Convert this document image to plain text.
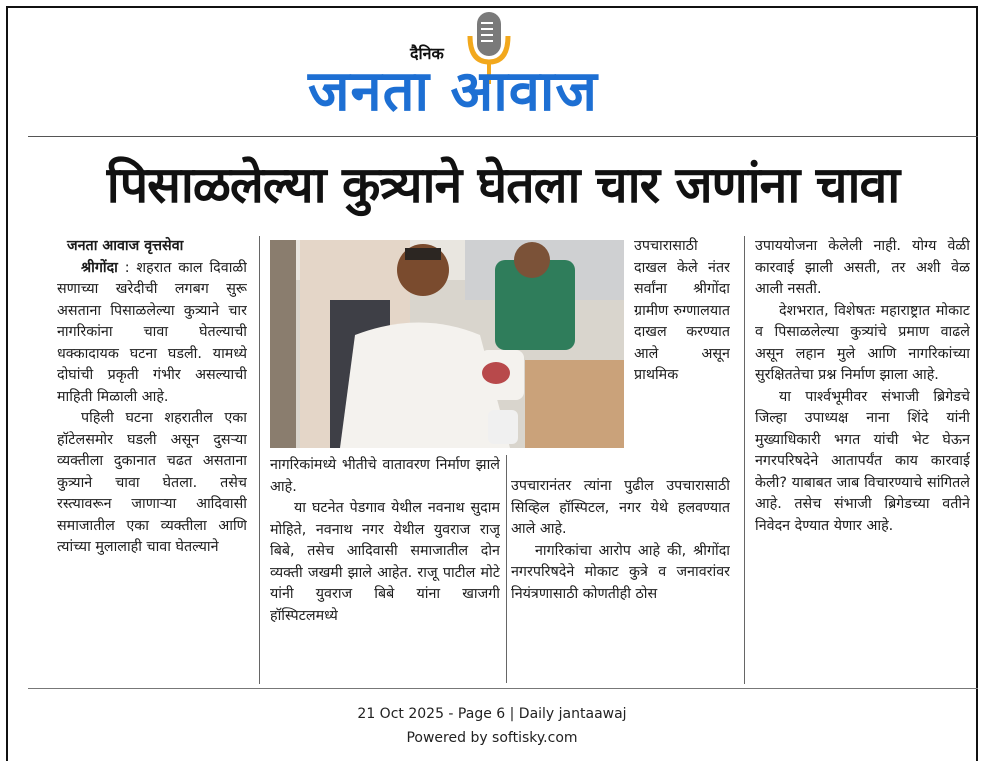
दैनिक
जनता आवाज
पिसाळलेल्या कुत्र्याने घेतला चार जणांना चावा

जनता आवाज वृत्तसेवा

श्रीगोंदा : शहरात काल दिवाळी सणाच्या खरेदीची लगबग सुरू असताना पिसाळलेल्या कुत्र्याने चार नागरिकांना चावा घेतल्याची धक्कादायक घटना घडली. यामध्ये दोघांची प्रकृती गंभीर असल्याची माहिती मिळाली आहे.

पहिली घटना शहरातील एका हॉटेलसमोर घडली असून दुसऱ्या व्यक्तीला दुकानात चढत असताना कुत्र्याने चावा घेतला. तसेच रस्त्यावरून जाणाऱ्या आदिवासी समाजातील एका व्यक्तीला आणि त्यांच्या मुलालाही चावा घेतल्याने

नागरिकांमध्ये भीतीचे वातावरण निर्माण झाले आहे.

या घटनेत पेडगाव येथील नवनाथ सुदाम मोहिते, नवनाथ नगर येथील युवराज राजू बिबे, तसेच आदिवासी समाजातील दोन व्यक्ती जखमी झाले आहेत. राजू पाटील मोटे यांनी युवराज बिबे यांना खाजगी हॉस्पिटलमध्ये

उपचारासाठी दाखल केले नंतर सर्वांना श्रीगोंदा ग्रामीण रुग्णालयात दाखल करण्यात आले असून प्राथमिक

उपचारानंतर त्यांना पुढील उपचारासाठी सिव्हिल हॉस्पिटल, नगर येथे हलवण्यात आले आहे.

नागरिकांचा आरोप आहे की, श्रीगोंदा नगरपरिषदेने मोकाट कुत्रे व जनावरांवर नियंत्रणासाठी कोणतीही ठोस

उपाययोजना केलेली नाही. योग्य वेळी कारवाई झाली असती, तर अशी वेळ आली नसती.

देशभरात, विशेषतः महाराष्ट्रात मोकाट व पिसाळलेल्या कुत्र्यांचे प्रमाण वाढले असून लहान मुले आणि नागरिकांच्या सुरक्षिततेचा प्रश्न निर्माण झाला आहे.

या पार्श्वभूमीवर संभाजी ब्रिगेडचे जिल्हा उपाध्यक्ष नाना शिंदे यांनी मुख्याधिकारी भगत यांची भेट घेऊन नगरपरिषदेने आतापर्यंत काय कारवाई केली? याबाबत जाब विचारण्याचे सांगितले आहे. तसेच संभाजी ब्रिगेडच्या वतीने निवेदन देण्यात येणार आहे.

21 Oct 2025 - Page 6 | Daily jantaawaj
Powered by softisky.com
